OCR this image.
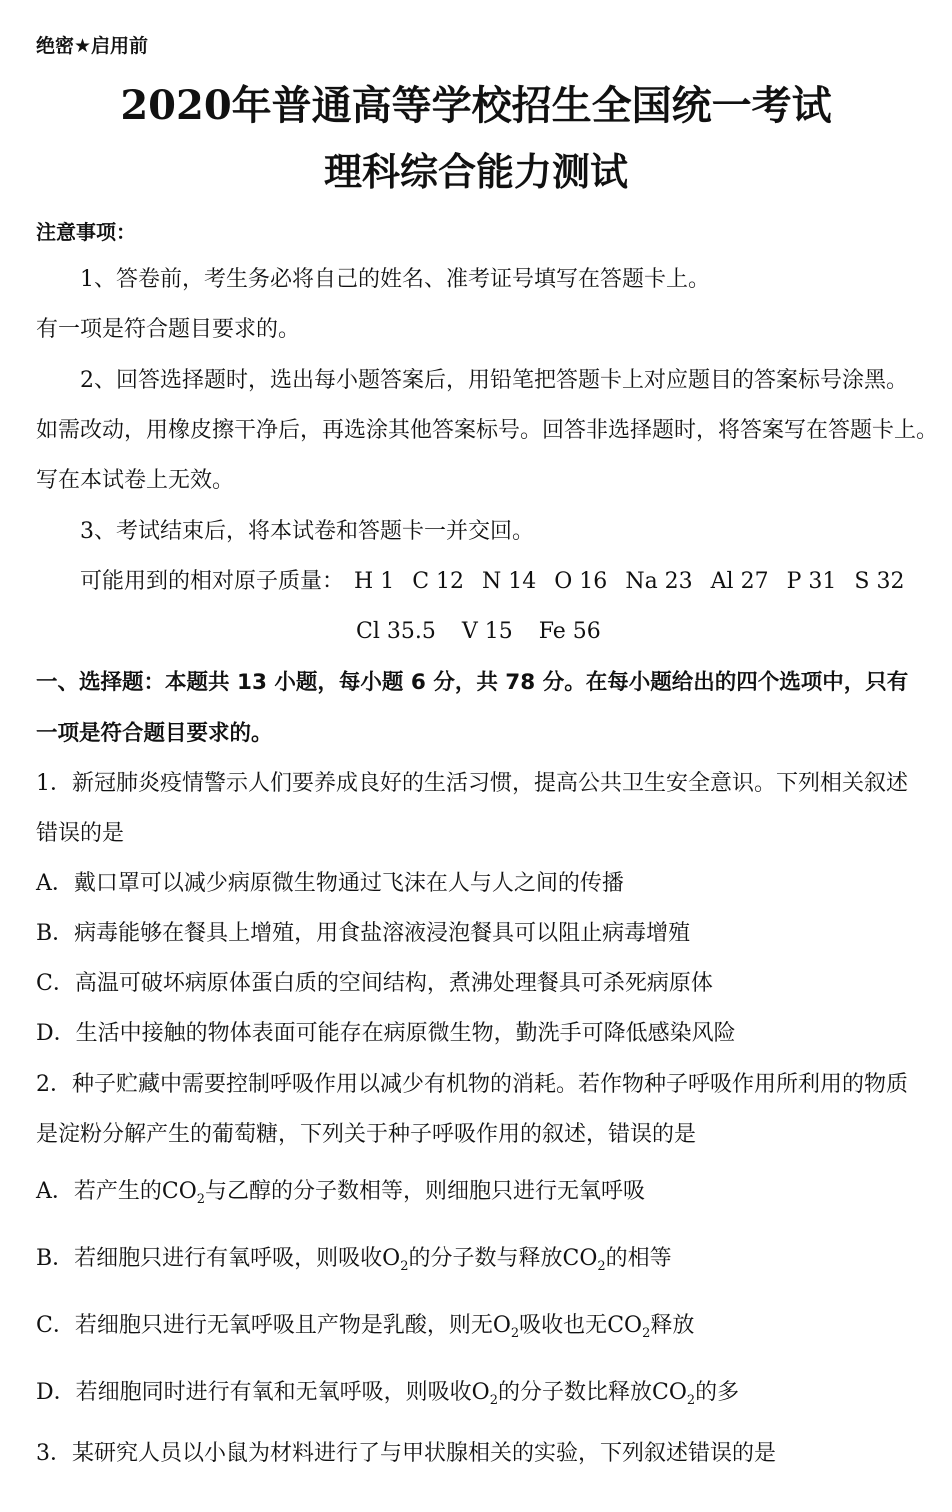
绝密★启用前
2020年普通高等学校招生全国统一考试
理科综合能力测试
注意事项：
1、答卷前，考生务必将自己的姓名、准考证号填写在答题卡上。
有一项是符合题目要求的。
2、回答选择题时，选出每小题答案后，用铅笔把答题卡上对应题目的答案标号涂黑。
如需改动，用橡皮擦干净后，再选涂其他答案标号。回答非选择题时，将答案写在答题卡上。
写在本试卷上无效。
3、考试结束后，将本试卷和答题卡一并交回。
可能用到的相对原子质量： H 1 C 12 N 14 O 16 Na 23 Al 27 P 31 S 32
Cl 35.5 V 15 Fe 56
一、选择题：本题共 13 小题，每小题 6 分，共 78 分。在每小题给出的四个选项中，只有
一项是符合题目要求的。
1．新冠肺炎疫情警示人们要养成良好的生活习惯，提高公共卫生安全意识。下列相关叙述
错误的是
A．戴口罩可以减少病原微生物通过飞沫在人与人之间的传播
B．病毒能够在餐具上增殖，用食盐溶液浸泡餐具可以阻止病毒增殖
C．高温可破坏病原体蛋白质的空间结构，煮沸处理餐具可杀死病原体
D．生活中接触的物体表面可能存在病原微生物，勤洗手可降低感染风险
2．种子贮藏中需要控制呼吸作用以减少有机物的消耗。若作物种子呼吸作用所利用的物质
是淀粉分解产生的葡萄糖，下列关于种子呼吸作用的叙述，错误的是
A．若产生的$CO_2$与乙醇的分子数相等，则细胞只进行无氧呼吸
B．若细胞只进行有氧呼吸，则吸收$O_2$的分子数与释放$CO_2$的相等
C．若细胞只进行无氧呼吸且产物是乳酸，则无$O_2$吸收也无$CO_2$释放
D．若细胞同时进行有氧和无氧呼吸，则吸收$O_2$的分子数比释放$CO_2$的多
3．某研究人员以小鼠为材料进行了与甲状腺相关的实验，下列叙述错误的是
